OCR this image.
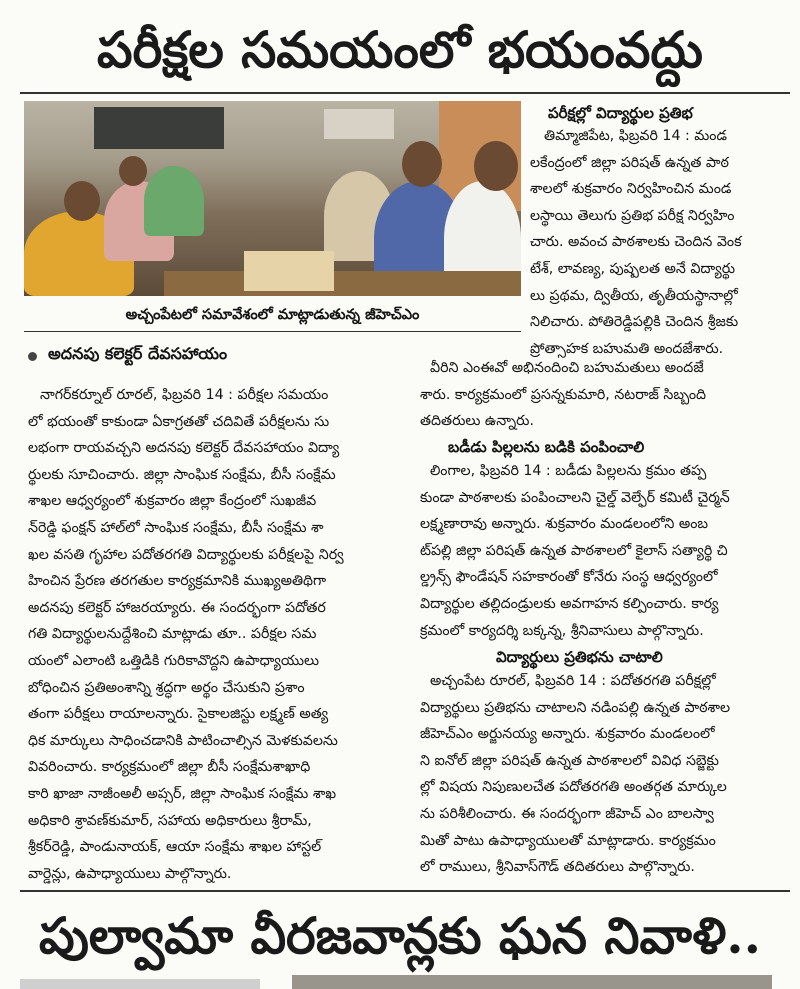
పరీక్షల సమయంలో భయంవద్దు
అచ్చంపేటలో సమావేశంలో మాట్లాడుతున్న జీహెచ్ఎం
పరీక్షల్లో విద్యార్థుల ప్రతిభ
తిమ్మాజిపేట, ఫిబ్రవరి 14 : మండ
లకేంద్రంలో జిల్లా పరిషత్ ఉన్నత పాఠ
శాలలో శుక్రవారం నిర్వహించిన మండ
లస్థాయి తెలుగు ప్రతిభ పరీక్ష నిర్వహిం
చారు. అవంచ పాఠశాలకు చెందిన వెంక
టేశ్, లావణ్య, పుష్పలత అనే విద్యార్థు
లు ప్రథమ, ద్వితీయ, తృతీయస్థానాల్లో
నిలిచారు. పోతిరెడ్డిపల్లికి చెందిన శ్రీజకు
ప్రోత్సాహక బహుమతి అందజేశారు.
అదనపు కలెక్టర్ దేవసహాయం
నాగర్‌కర్నూల్ రూరల్, ఫిబ్రవరి 14 : పరీక్షల సమయం
లో భయంతో కాకుండా ఏకాగ్రతతో చదివితే పరీక్షలను సు
లభంగా రాయవచ్చని అదనపు కలెక్టర్ దేవసహాయం విద్యా
ర్థులకు సూచించారు. జిల్లా సాంఘిక సంక్షేమ, బీసీ సంక్షేమ
శాఖల ఆధ్వర్యంలో శుక్రవారం జిల్లా కేంద్రంలో సుఖజీవ
న్‌రెడ్డి ఫంక్షన్ హాల్‌లో సాంఘిక సంక్షేమ, బీసీ సంక్షేమ శా
ఖల వసతి గృహాల పదోతరగతి విద్యార్థులకు పరీక్షలపై నిర్వ
హించిన ప్రేరణ తరగతుల కార్యక్రమానికి ముఖ్యఅతిథిగా
అదనపు కలెక్టర్ హాజరయ్యారు. ఈ సందర్భంగా పదోతర
గతి విద్యార్థులనుద్దేశించి మాట్లాడు తూ.. పరీక్షల సమ
యంలో ఎలాంటి ఒత్తిడికి గురికావొద్దని ఉపాధ్యాయులు
బోధించిన ప్రతిఅంశాన్ని శ్రద్ధగా అర్థం చేసుకుని ప్రశాం
తంగా పరీక్షలు రాయాలన్నారు. సైకాలజిస్టు లక్ష్మణ్ అత్య
ధిక మార్కులు సాధించడానికి పాటించాల్సిన మెళకువలను
వివరించారు. కార్యక్రమంలో జిల్లా బీసీ సంక్షేమశాఖాధి
కారి ఖాజా నాజీంఅలీ అప్సర్, జిల్లా సాంఘిక సంక్షేమ శాఖ
అధికారి శ్రావణ్‌కుమార్, సహాయ అధికారులు శ్రీరామ్,
శ్రీకర్‌రెడ్డి, పాండునాయక్, ఆయా సంక్షేమ శాఖల హాస్టల్
వార్డెన్లు, ఉపాధ్యాయులు పాల్గొన్నారు.
వీరిని ఎంఈవో అభినందించి బహుమతులు అందజే
శారు. కార్యక్రమంలో ప్రసన్నకుమారి, నటరాజ్ సిబ్బంది
తదితరులు ఉన్నారు.
బడీడు పిల్లలను బడికి పంపించాలి
లింగాల, ఫిబ్రవరి 14 : బడీడు పిల్లలను క్రమం తప్ప
కుండా పాఠశాలకు పంపించాలని చైల్డ్ వెల్ఫేర్ కమిటీ చైర్మన్
లక్ష్మణారావు అన్నారు. శుక్రవారం మండలంలోని అంబ
ట్‌పల్లి జిల్లా పరిషత్ ఉన్నత పాఠశాలలో కైలాస్ సత్యార్థి చి
ల్డ్రన్స్ ఫౌండేషన్ సహకారంతో కోనేరు సంస్థ ఆధ్వర్యంలో
విద్యార్థుల తల్లిదండ్రులకు అవగాహన కల్పించారు. కార్య
క్రమంలో కార్యదర్శి బక్కన్న, శ్రీనివాసులు పాల్గొన్నారు.
విద్యార్థులు ప్రతిభను చాటాలి
అచ్చంపేట రూరల్, ఫిబ్రవరి 14 : పదోతరగతి పరీక్షల్లో
విద్యార్థులు ప్రతిభను చాటాలని నడింపల్లి ఉన్నత పాఠశాల
జీహెచ్ఎం అర్జునయ్య అన్నారు. శుక్రవారం మండలంలో
ని ఐనోల్ జిల్లా పరిషత్ ఉన్నత పాఠశాలలో వివిధ సబ్జెక్టు
ల్లో విషయ నిపుణులచేత పదోతరగతి అంతర్గత మార్కుల
ను పరిశీలించారు. ఈ సందర్భంగా జీహెచ్ ఎం బాలస్వా
మితో పాటు ఉపాధ్యాయులతో మాట్లాడారు. కార్యక్రమం
లో రాములు, శ్రీనివాస్‌గౌడ్ తదితరులు పాల్గొన్నారు.
పుల్వామా వీరజవాన్లకు ఘన నివాళి..
